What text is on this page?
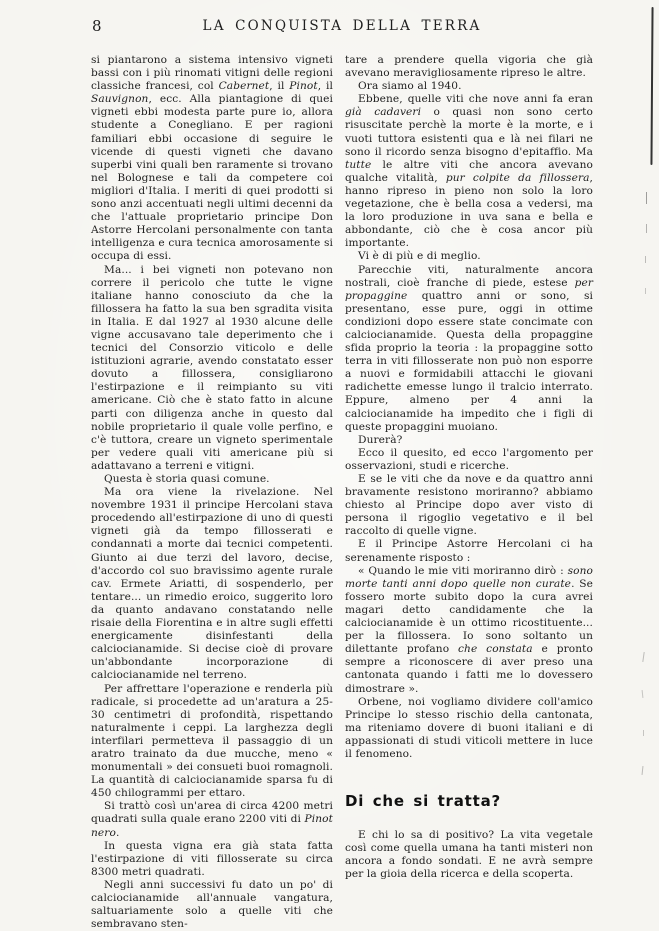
8	LA CONQUISTA DELLA TERRA

si piantarono a sistema intensivo vigneti bassi con i più rinomati vitigni delle regioni classiche francesi, col Cabernet, il Pinot, il Sauvignon, ecc. Alla piantagione di quei vigneti ebbi modesta parte pure io, allora studente a Conegliano. E per ragioni familiari ebbi occasione di seguire le vicende di questi vigneti che davano superbi vini quali ben raramente si trovano nel Bolognese e tali da competere coi migliori d'Italia. I meriti di quei prodotti si sono anzi accentuati negli ultimi decenni da che l'attuale proprietario principe Don Astorre Hercolani personalmente con tanta intelligenza e cura tecnica amorosamente si occupa di essi.

Ma... i bei vigneti non potevano non correre il pericolo che tutte le vigne italiane hanno conosciuto da che la fillossera ha fatto la sua ben sgradita visita in Italia. E dal 1927 al 1930 alcune delle vigne accusavano tale deperimento che i tecnici del Consorzio viticolo e delle istituzioni agrarie, avendo constatato esser dovuto a fillossera, consigliarono l'estirpazione e il reimpianto su viti americane. Ciò che è stato fatto in alcune parti con diligenza anche in questo dal nobile proprietario il quale volle perfino, e c'è tuttora, creare un vigneto sperimentale per vedere quali viti americane più si adattavano a terreni e vitigni.

Questa è storia quasi comune.

Ma ora viene la rivelazione. Nel novembre 1931 il principe Hercolani stava procedendo all'estirpazione di uno di questi vigneti già da tempo fillosserati e condannati a morte dai tecnici competenti. Giunto ai due terzi del lavoro, decise, d'accordo col suo bravissimo agente rurale cav. Ermete Ariatti, di sospenderlo, per tentare... un rimedio eroico, suggerito loro da quanto andavano constatando nelle risaie della Fiorentina e in altre sugli effetti energicamente disinfestanti della calciocianamide. Si decise cioè di provare un'abbondante incorporazione di calciocianamide nel terreno.

Per affrettare l'operazione e renderla più radicale, si procedette ad un'aratura a 25-30 centimetri di profondità, rispettando naturalmente i ceppi. La larghezza degli interfilari permetteva il passaggio di un aratro trainato da due mucche, meno « monumentali » dei consueti buoi romagnoli. La quantità di calciocianamide sparsa fu di 450 chilogrammi per ettaro.

Si trattò così un'area di circa 4200 metri quadrati sulla quale erano 2200 viti di Pinot nero.

In questa vigna era già stata fatta l'estirpazione di viti fillosserate su circa 8300 metri quadrati.

Negli anni successivi fu dato un po' di calciocianamide all'annuale vangatura, saltuariamente solo a quelle viti che sembravano sten-

tare a prendere quella vigoria che già avevano meravigliosamente ripreso le altre.

Ora siamo al 1940.

Ebbene, quelle viti che nove anni fa eran già cadaveri o quasi non sono certo risuscitate perchè la morte è la morte, e i vuoti tuttora esistenti qua e là nei filari ne sono il ricordo senza bisogno d'epitaffio. Ma tutte le altre viti che ancora avevano qualche vitalità, pur colpite da fillossera, hanno ripreso in pieno non solo la loro vegetazione, che è bella cosa a vedersi, ma la loro produzione in uva sana e bella e abbondante, ciò che è cosa ancor più importante.

Vi è di più e di meglio.

Parecchie viti, naturalmente ancora nostrali, cioè franche di piede, estese per propaggine quattro anni or sono, si presentano, esse pure, oggi in ottime condizioni dopo essere state concimate con calciocianamide. Questa della propaggine sfida proprio la teoria : la propaggine sotto terra in viti fillosserate non può non esporre a nuovi e formidabili attacchi le giovani radichette emesse lungo il tralcio interrato. Eppure, almeno per 4 anni la calciocianamide ha impedito che i figli di queste propaggini muoiano.

Durerà?

Ecco il quesito, ed ecco l'argomento per osservazioni, studi e ricerche.

E se le viti che da nove e da quattro anni bravamente resistono moriranno? abbiamo chiesto al Principe dopo aver visto di persona il rigoglio vegetativo e il bel raccolto di quelle vigne.

E il Principe Astorre Hercolani ci ha serenamente risposto :

« Quando le mie viti moriranno dirò : sono morte tanti anni dopo quelle non curate. Se fossero morte subito dopo la cura avrei magari detto candidamente che la calciocianamide è un ottimo ricostituente... per la fillossera. Io sono soltanto un dilettante profano che constata e pronto sempre a riconoscere di aver preso una cantonata quando i fatti me lo dovessero dimostrare ».

Orbene, noi vogliamo dividere coll'amico Principe lo stesso rischio della cantonata, ma riteniamo dovere di buoni italiani e di appassionati di studi viticoli mettere in luce il fenomeno.

Di che si tratta?

E chi lo sa di positivo? La vita vegetale così come quella umana ha tanti misteri non ancora a fondo sondati. E ne avrà sempre per la gioia della ricerca e della scoperta.
